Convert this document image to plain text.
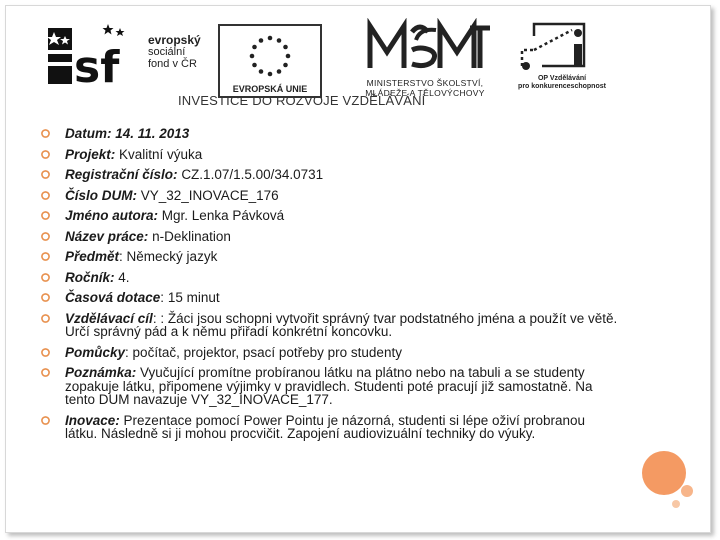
sf
evropský
sociální
fond v ČR
EVROPSKÁ UNIE
MINISTERSTVO ŠKOLSTVÍ,
MLÁDEŽE A TĚLOVÝCHOVY
OP Vzdělávání
pro konkurenceschopnost
INVESTICE DO ROZVOJE VZDĚLÁVÁNÍ
Datum: 14. 11. 2013
Projekt: Kvalitní výuka
Registrační číslo: CZ.1.07/1.5.00/34.0731
Číslo DUM: VY_32_INOVACE_176
Jméno autora: Mgr. Lenka Pávková
Název práce: n-Deklination
Předmět: Německý jazyk
Ročník: 4.
Časová dotace: 15 minut
Vzdělávací cíl: : Žáci jsou schopni vytvořit správný tvar podstatného jména a použít ve větě. Určí správný pád a k němu přiřadí konkrétní koncovku.
Pomůcky: počítač, projektor, psací potřeby pro studenty
Poznámka: Vyučující promítne probíranou látku na plátno nebo na tabuli a se studenty zopakuje látku, připomene výjimky v pravidlech. Studenti poté pracují již samostatně. Na tento DUM navazuje VY_32_INOVACE_177.
Inovace: Prezentace pomocí Power Pointu je názorná, studenti si lépe oživí probranou látku. Následně si ji mohou procvičit. Zapojení audiovizuální techniky do výuky.
